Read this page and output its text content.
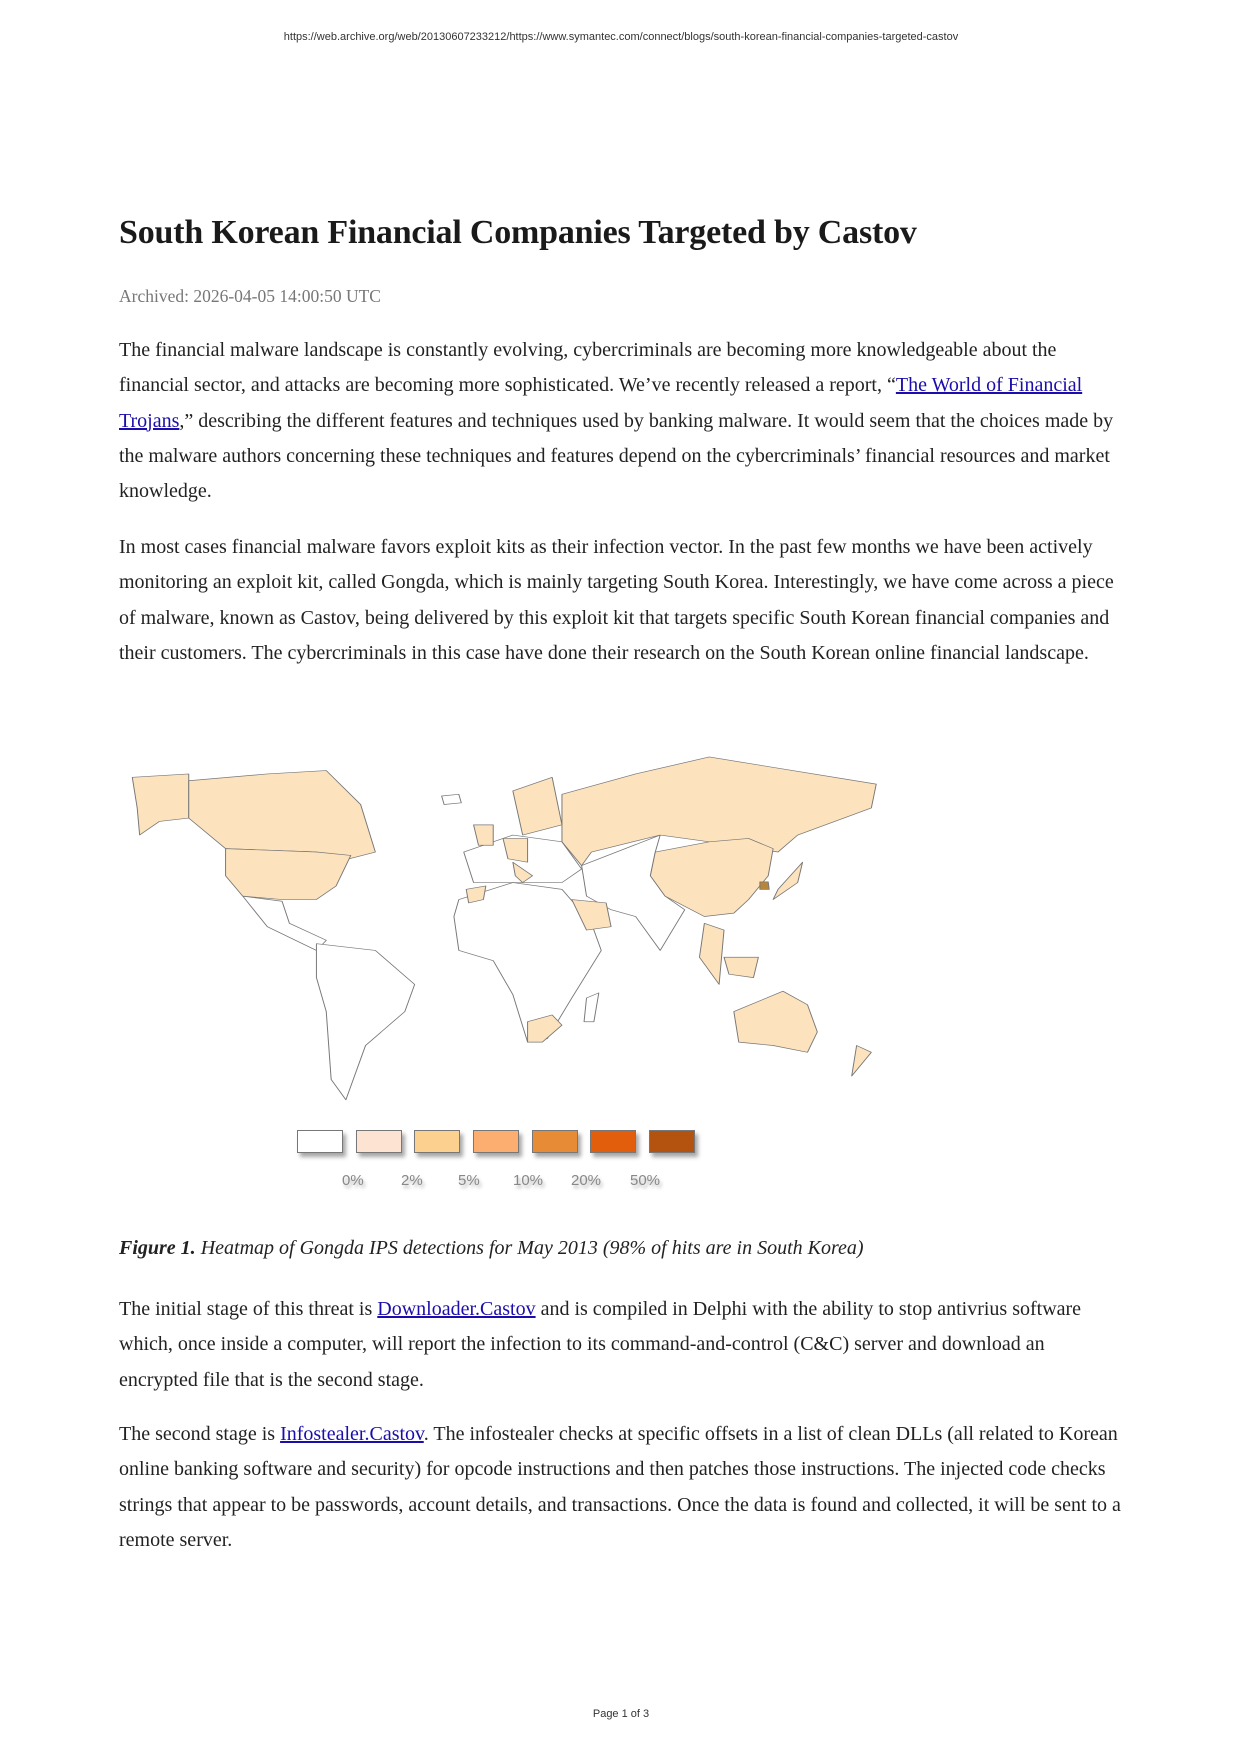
https://web.archive.org/web/20130607233212/https://www.symantec.com/connect/blogs/south-korean-financial-companies-targeted-castov
South Korean Financial Companies Targeted by Castov
Archived: 2026-04-05 14:00:50 UTC

The financial malware landscape is constantly evolving, cybercriminals are becoming more knowledgeable about the financial sector, and attacks are becoming more sophisticated. We’ve recently released a report, “The World of Financial Trojans,” describing the different features and techniques used by banking malware. It would seem that the choices made by the malware authors concerning these techniques and features depend on the cybercriminals’ financial resources and market knowledge.

In most cases financial malware favors exploit kits as their infection vector. In the past few months we have been actively monitoring an exploit kit, called Gongda, which is mainly targeting South Korea. Interestingly, we have come across a piece of malware, known as Castov, being delivered by this exploit kit that targets specific South Korean financial companies and their customers. The cybercriminals in this case have done their research on the South Korean online financial landscape.

0% 2% 5% 10% 20% 50%
Figure 1. Heatmap of Gongda IPS detections for May 2013 (98% of hits are in South Korea)

The initial stage of this threat is Downloader.Castov and is compiled in Delphi with the ability to stop antivrius software which, once inside a computer, will report the infection to its command-and-control (C&C) server and download an encrypted file that is the second stage.

The second stage is Infostealer.Castov. The infostealer checks at specific offsets in a list of clean DLLs (all related to Korean online banking software and security) for opcode instructions and then patches those instructions. The injected code checks strings that appear to be passwords, account details, and transactions. Once the data is found and collected, it will be sent to a remote server.

Page 1 of 3
